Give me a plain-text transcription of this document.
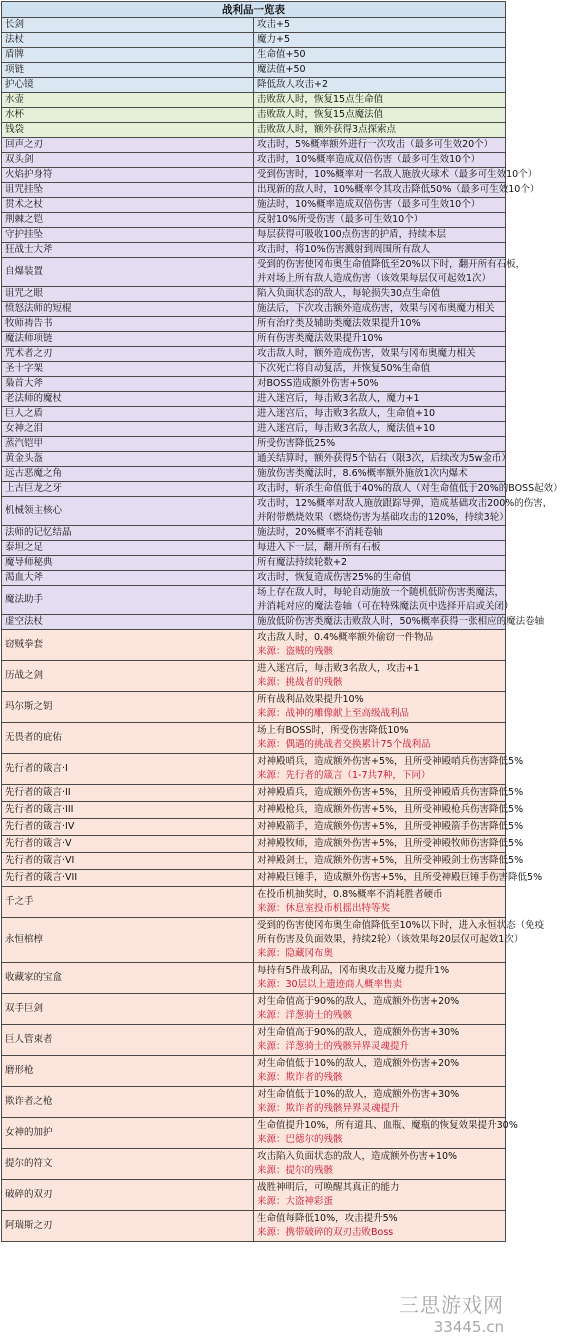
战利品一览表	
长剑	攻击+5

法杖	魔力+5

盾牌	生命值+50

项链	魔法值+50

护心镜	降低敌人攻击+2

水壶	击败敌人时，恢复15点生命值

水杯	击败敌人时，恢复15点魔法值

钱袋	击败敌人时，额外获得3点探索点

回声之刃	攻击时，5%概率额外进行一次攻击（最多可生效20个）

双头剑	攻击时，10%概率造成双倍伤害（最多可生效10个）

火焰护身符	受到伤害时，10%概率对一名敌人施放火球术（最多可生效10个）

诅咒挂坠	出现新的敌人时，10%概率令其攻击降低50%（最多可生效10个）

贯术之杖	施法时，10%概率造成双倍伤害（最多可生效10个）

荆棘之铠	反射10%所受伤害（最多可生效10个）

守护挂坠	每层获得可吸收100点伤害的护盾，持续本层

狂战士大斧	攻击时，将10%伤害溅射到周围所有敌人

自爆装置	受到的伤害使冈布奥生命值降低至20%以下时，翻开所有石板，
并对场上所有敌人造成伤害（该效果每层仅可起效1次）

诅咒之眼	陷入负面状态的敌人，每轮损失30点生命值

愤怒法师的短棍	施法后，下次攻击额外造成伤害，效果与冈布奥魔力相关

牧师祷告书	所有治疗类及辅助类魔法效果提升10%

魔法师项链	所有伤害类魔法效果提升10%

咒术者之刃	攻击敌人时，额外造成伤害，效果与冈布奥魔力相关

圣十字架	下次死亡将自动复活，并恢复50%生命值

梟首大斧	对BOSS造成额外伤害+50%

老法师的魔杖	进入迷宫后，每击败3名敌人，魔力+1

巨人之盾	进入迷宫后，每击败3名敌人，生命值+10

女神之泪	进入迷宫后，每击败3名敌人，魔法值+10

蒸汽铠甲	所受伤害降低25%

黄金头盔	通关结算时，额外获得5个钻石（限3次，后续改为5w金币）

远古恶魔之角	施放伤害类魔法时，8.6%概率额外施放1次内爆术

上古巨龙之牙	攻击时，斩杀生命值低于40%的敌人（对生命值低于20%的BOSS起效）

机械领主核心	攻击时，12%概率对敌人施放跟踪导弹，造成基础攻击200%的伤害，
并附带燃烧效果（燃烧伤害为基础攻击的120%，持续3轮）

法师的记忆结晶	施法时，20%概率不消耗卷轴

泰坦之足	每进入下一层，翻开所有石板

魔导师秘典	所有魔法持续轮数+2

渴血大斧	攻击时，恢复造成伤害25%的生命值

魔法助手	场上存在敌人时，每轮自动施放一个随机低阶伤害类魔法，
并消耗对应的魔法卷轴（可在特殊魔法页中选择开启或关闭）

虚空法杖	施放低阶伤害类魔法击败敌人时，50%概率获得一张相应的魔法卷轴

窃贼拳套	攻击敌人时，0.4%概率额外偷窃一件物品
来源：盗贼的残骸

历战之剑	进入迷宫后，每击败3名敌人，攻击+1
来源：挑战者的残骸

玛尔斯之钥	所有战利品效果提升10%
来源：战神的雕像献上至高级战利品

无畏者的庇佑	场上有BOSS时，所受伤害降低10%
来源：偶遇的挑战者交换累计75个战利品

先行者的箴言·I	对神殿哨兵，造成额外伤害+5%，且所受神殿哨兵伤害降低5%
来源：先行者的箴言（1-7共7种，下同）

先行者的箴言·II	对神殿盾兵，造成额外伤害+5%，且所受神殿盾兵伤害降低5%

先行者的箴言·III	对神殿枪兵，造成额外伤害+5%，且所受神殿枪兵伤害降低5%

先行者的箴言·IV	对神殿箭手，造成额外伤害+5%，且所受神殿箭手伤害降低5%

先行者的箴言·V	对神殿牧师，造成额外伤害+5%，且所受神殿牧师伤害降低5%

先行者的箴言·VI	对神殿剑士，造成额外伤害+5%，且所受神殿剑士伤害降低5%

先行者的箴言·VII	对神殿巨锤手，造成额外伤害+5%，且所受神殿巨锤手伤害降低5%

千之手	在投币机抽奖时，0.8%概率不消耗胜者硬币
来源：休息室投币机摇出特等奖

永恒棺椁	受到的伤害使冈布奥生命值降低至10%以下时，进入永恒状态（免疫
所有伤害及负面效果，持续2轮）（该效果每20层仅可起效1次）
来源：隐藏冈布奥

收藏家的宝盒	每持有5件战利品，冈布奥攻击及魔力提升1%
来源：30层以上遗迹商人概率售卖

双手巨剑	对生命值高于90%的敌人，造成额外伤害+20%
来源：洋葱骑士的残骸

巨人管束者	对生命值高于90%的敌人，造成额外伤害+30%
来源：洋葱骑士的残骸异界灵魂提升

磨形枪	对生命值低于10%的敌人，造成额外伤害+20%
来源：欺诈者的残骸

欺诈者之枪	对生命值低于10%的敌人，造成额外伤害+30%
来源：欺诈者的残骸异界灵魂提升

女神的加护	生命值提升10%，所有道具、血瓶、魔瓶的恢复效果提升30%
来源：巴德尔的残骸

提尔的符文	攻击陷入负面状态的敌人，造成额外伤害+10%
来源：提尔的残骸

破碎的双刃	战胜神明后，可唤醒其真正的能力
来源：大盗神彩蛋

阿瑞斯之刃	生命值每降低10%，攻击提升5%
来源：携带破碎的双刃击败Boss
三思游戏网
33445.cn
